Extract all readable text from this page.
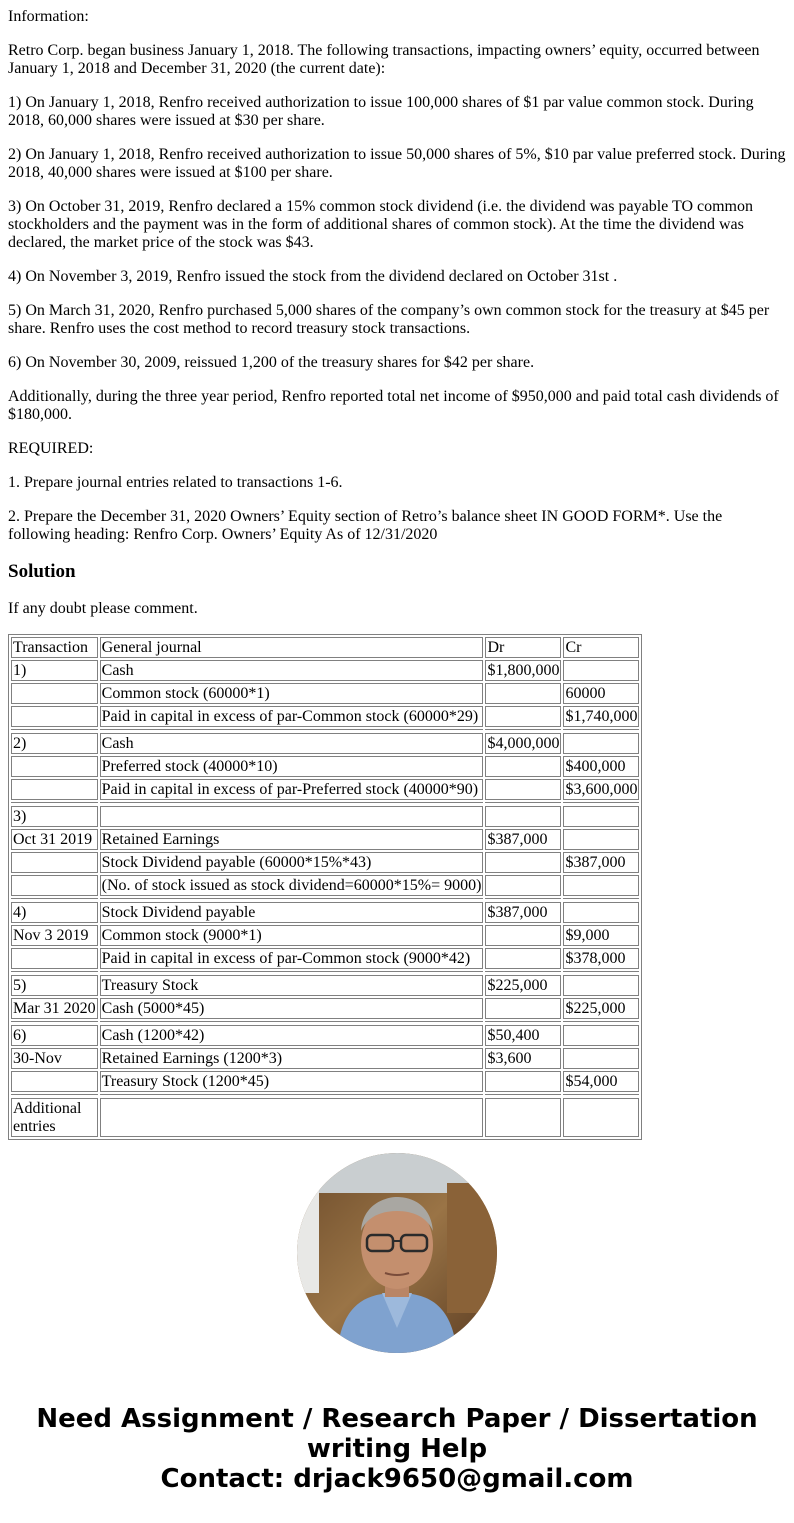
Information:

Retro Corp. began business January 1, 2018. The following transactions, impacting owners’ equity, occurred between January 1, 2018 and December 31, 2020 (the current date):

1) On January 1, 2018, Renfro received authorization to issue 100,000 shares of $1 par value common stock. During 2018, 60,000 shares were issued at $30 per share.

2) On January 1, 2018, Renfro received authorization to issue 50,000 shares of 5%, $10 par value preferred stock. During 2018, 40,000 shares were issued at $100 per share.

3) On October 31, 2019, Renfro declared a 15% common stock dividend (i.e. the dividend was payable TO common stockholders and the payment was in the form of additional shares of common stock). At the time the dividend was declared, the market price of the stock was $43.

4) On November 3, 2019, Renfro issued the stock from the dividend declared on October 31st .

5) On March 31, 2020, Renfro purchased 5,000 shares of the company’s own common stock for the treasury at $45 per share. Renfro uses the cost method to record treasury stock transactions.

6) On November 30, 2009, reissued 1,200 of the treasury shares for $42 per share.

Additionally, during the three year period, Renfro reported total net income of $950,000 and paid total cash dividends of $180,000.

REQUIRED:

1. Prepare journal entries related to transactions 1-6.

2. Prepare the December 31, 2020 Owners’ Equity section of Retro’s balance sheet IN GOOD FORM*. Use the following heading: Renfro Corp. Owners’ Equity As of 12/31/2020

Solution

If any doubt please comment.

Transaction	General journal	Dr	Cr
1)	Cash	$1,800,000	
	Common stock (60000*1)		60000
	Paid in capital in excess of par-Common stock (60000*29)		$1,740,000

2)	Cash	$4,000,000	
	Preferred stock (40000*10)		$400,000
	Paid in capital in excess of par-Preferred stock (40000*90)		$3,600,000

3)			
Oct 31 2019	Retained Earnings	$387,000	
	Stock Dividend payable (60000*15%*43)		$387,000
	(No. of stock issued as stock dividend=60000*15%= 9000)		

4)	Stock Dividend payable	$387,000	
Nov 3 2019	Common stock (9000*1)		$9,000
	Paid in capital in excess of par-Common stock (9000*42)		$378,000

5)	Treasury Stock	$225,000	
Mar 31 2020	Cash (5000*45)		$225,000

6)	Cash (1200*42)	$50,400	
30-Nov	Retained Earnings (1200*3)	$3,600	
	Treasury Stock (1200*45)		$54,000

Additional entries			
Need Assignment / Research Paper / Dissertation
writing Help
Contact: drjack9650@gmail.com
